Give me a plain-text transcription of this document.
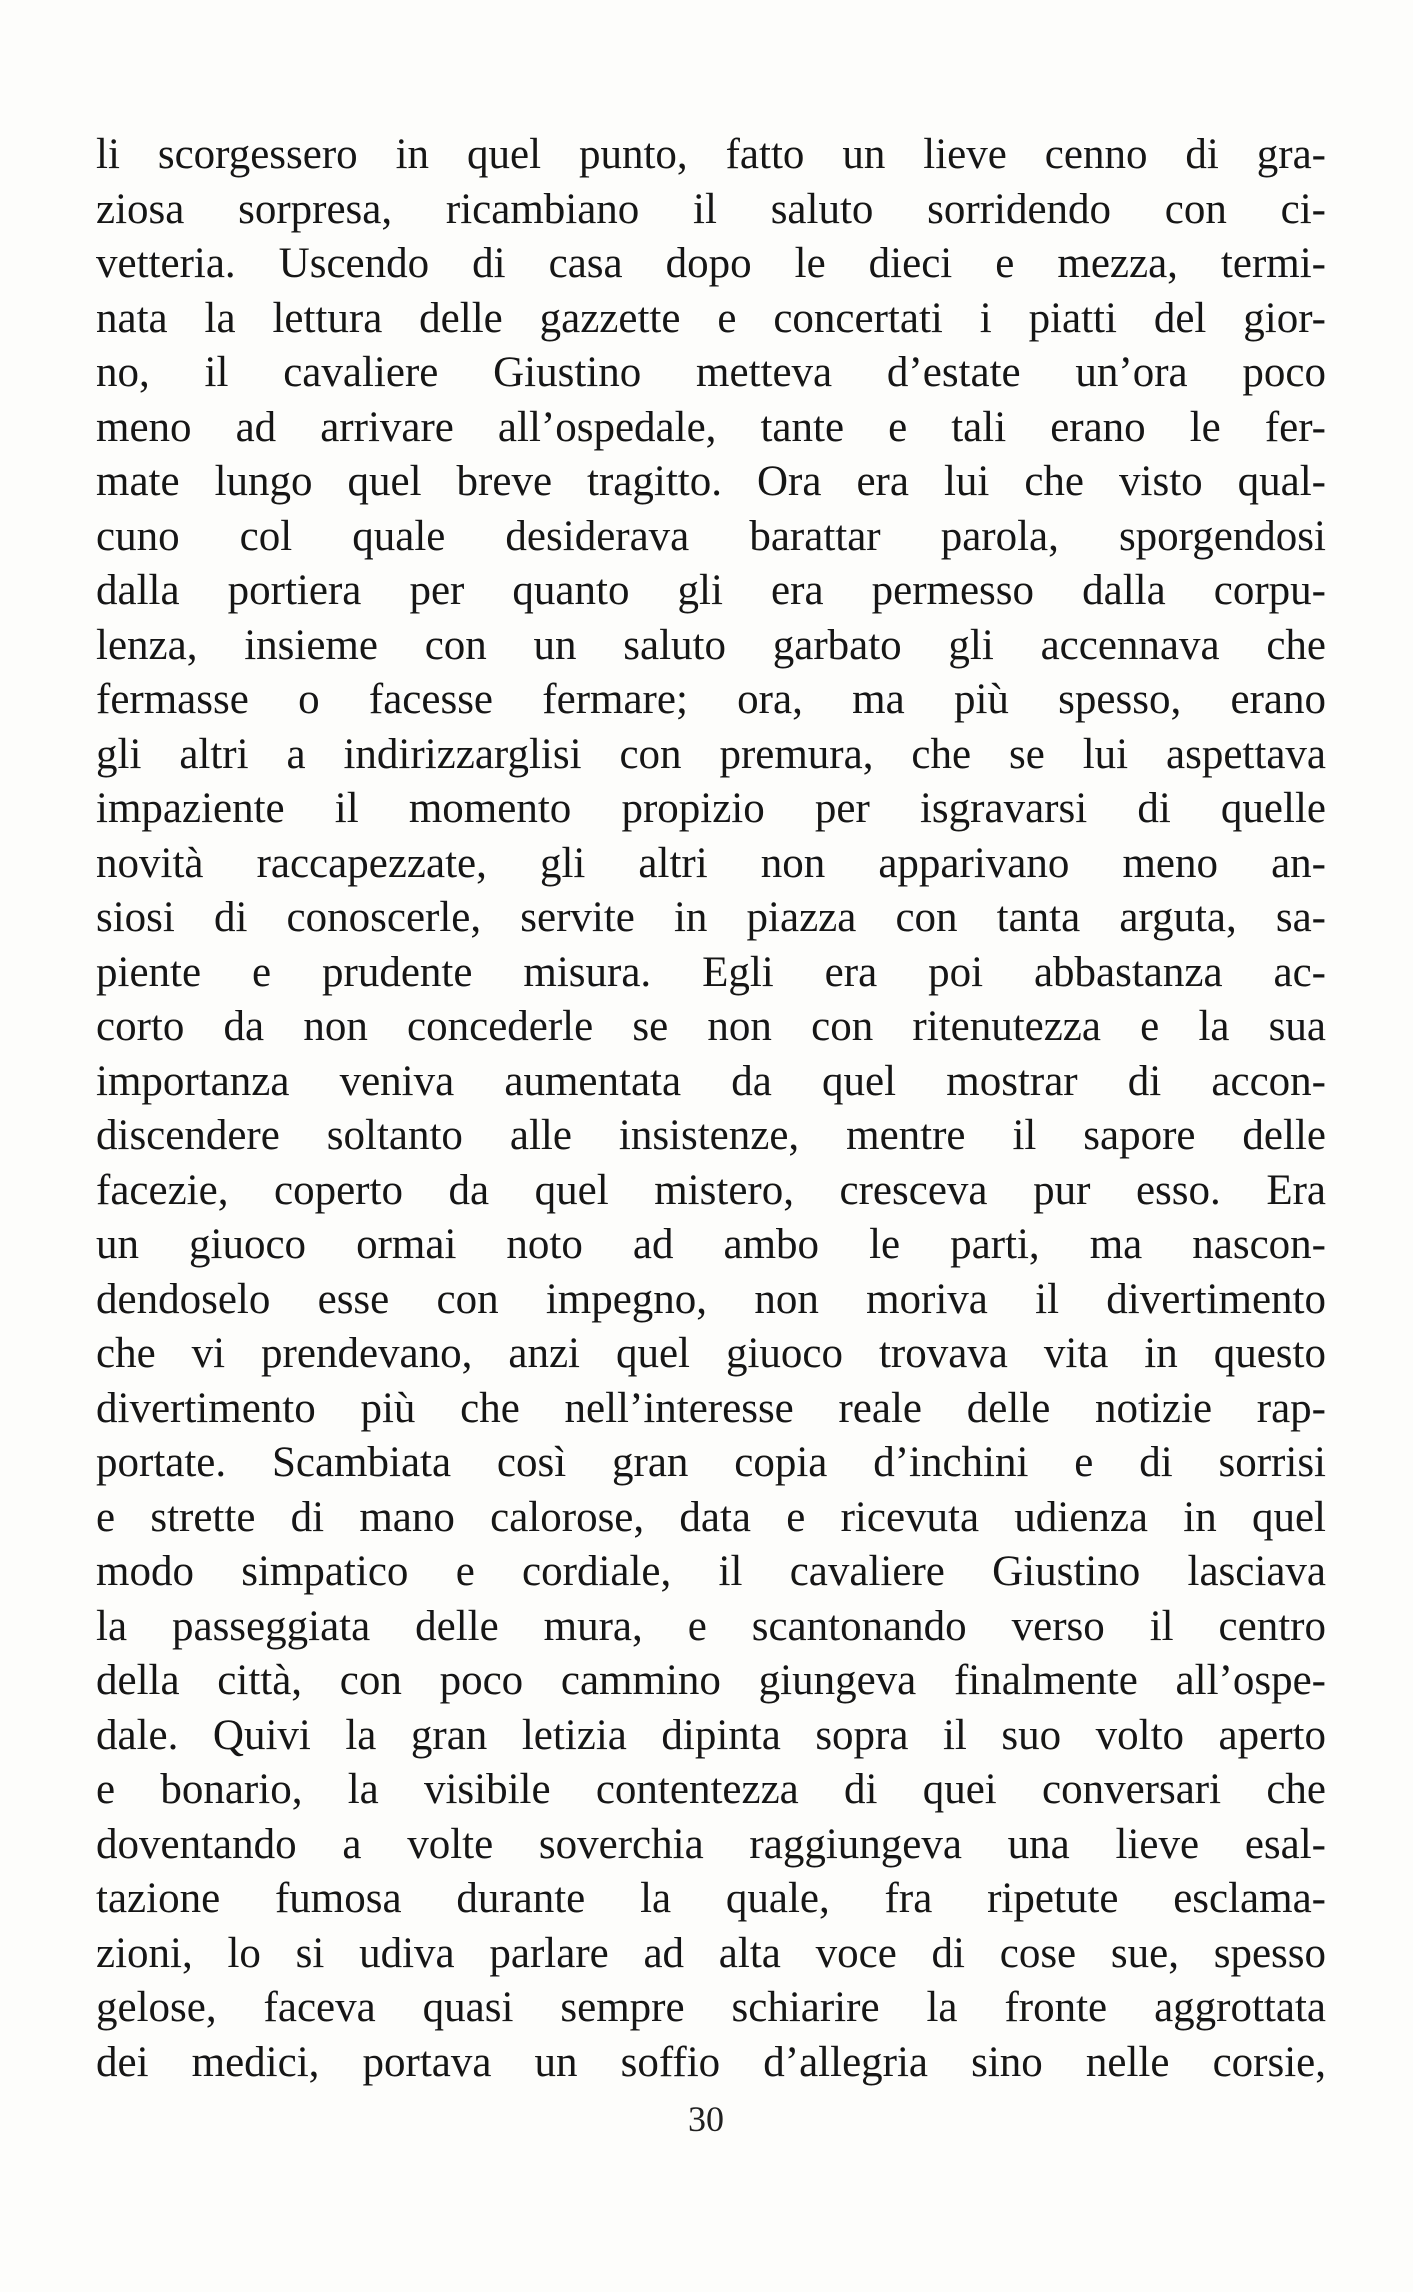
li scorgessero in quel punto, fatto un lieve cenno di gra-
ziosa sorpresa, ricambiano il saluto sorridendo con ci-
vetteria. Uscendo di casa dopo le dieci e mezza, termi-
nata la lettura delle gazzette e concertati i piatti del gior-
no, il cavaliere Giustino metteva d’estate un’ora poco
meno ad arrivare all’ospedale, tante e tali erano le fer-
mate lungo quel breve tragitto. Ora era lui che visto qual-
cuno col quale desiderava barattar parola, sporgendosi
dalla portiera per quanto gli era permesso dalla corpu-
lenza, insieme con un saluto garbato gli accennava che
fermasse o facesse fermare; ora, ma più spesso, erano
gli altri a indirizzarglisi con premura, che se lui aspettava
impaziente il momento propizio per isgravarsi di quelle
novità raccapezzate, gli altri non apparivano meno an-
siosi di conoscerle, servite in piazza con tanta arguta, sa-
piente e prudente misura. Egli era poi abbastanza ac-
corto da non concederle se non con ritenutezza e la sua
importanza veniva aumentata da quel mostrar di accon-
discendere soltanto alle insistenze, mentre il sapore delle
facezie, coperto da quel mistero, cresceva pur esso. Era
un giuoco ormai noto ad ambo le parti, ma nascon-
dendoselo esse con impegno, non moriva il divertimento
che vi prendevano, anzi quel giuoco trovava vita in questo
divertimento più che nell’interesse reale delle notizie rap-
portate. Scambiata così gran copia d’inchini e di sorrisi
e strette di mano calorose, data e ricevuta udienza in quel
modo simpatico e cordiale, il cavaliere Giustino lasciava
la passeggiata delle mura, e scantonando verso il centro
della città, con poco cammino giungeva finalmente all’ospe-
dale. Quivi la gran letizia dipinta sopra il suo volto aperto
e bonario, la visibile contentezza di quei conversari che
doventando a volte soverchia raggiungeva una lieve esal-
tazione fumosa durante la quale, fra ripetute esclama-
zioni, lo si udiva parlare ad alta voce di cose sue, spesso
gelose, faceva quasi sempre schiarire la fronte aggrottata
dei medici, portava un soffio d’allegria sino nelle corsie,
30
